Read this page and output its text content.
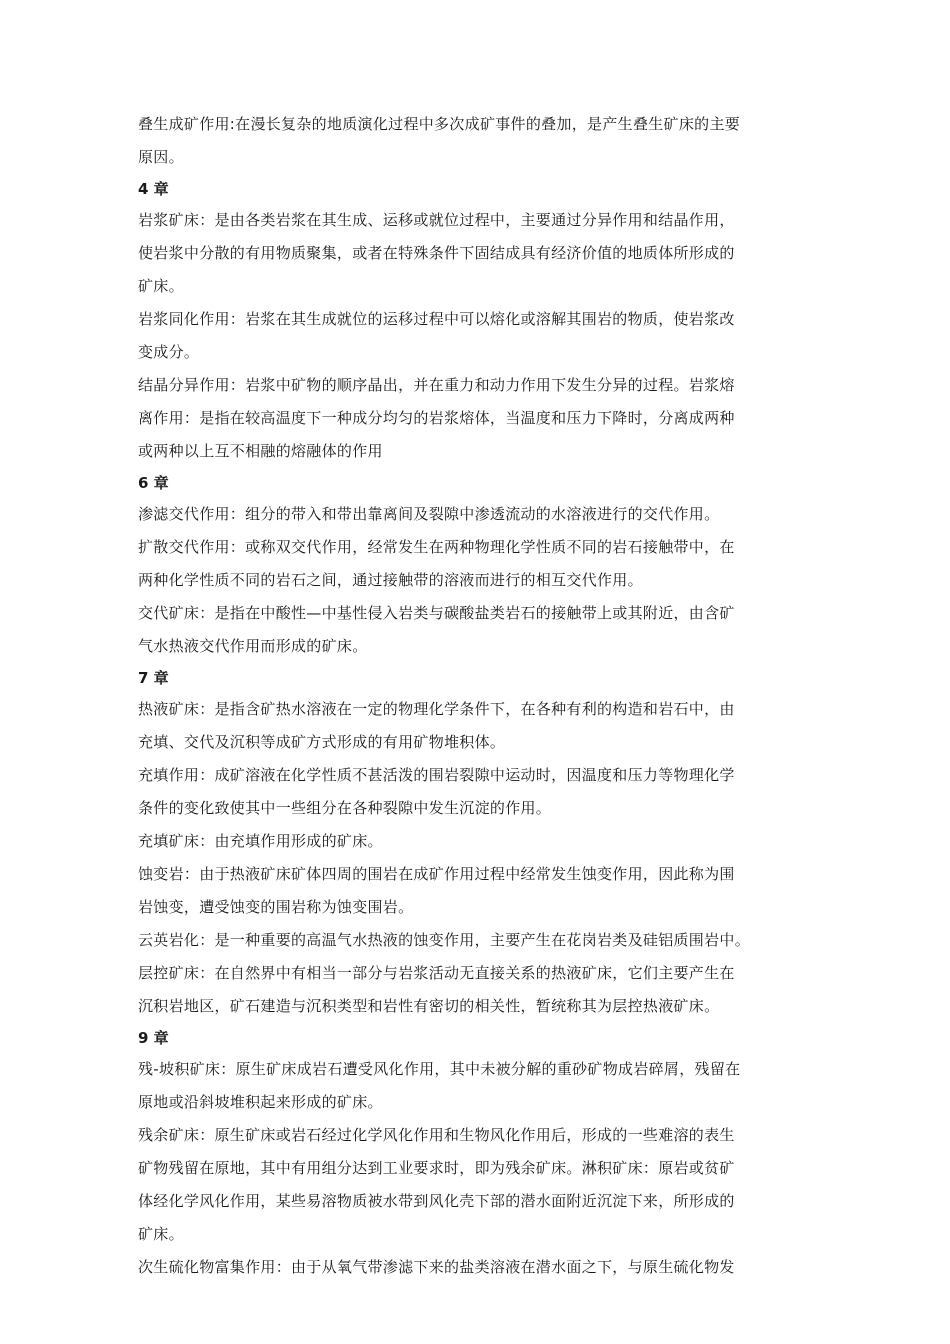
叠生成矿作用:在漫长复杂的地质演化过程中多次成矿事件的叠加，是产生叠生矿床的主要
原因。
4 章
岩浆矿床：是由各类岩浆在其生成、运移或就位过程中，主要通过分异作用和结晶作用，
使岩浆中分散的有用物质聚集，或者在特殊条件下固结成具有经济价值的地质体所形成的
矿床。
岩浆同化作用：岩浆在其生成就位的运移过程中可以熔化或溶解其围岩的物质，使岩浆改
变成分。
结晶分异作用：岩浆中矿物的顺序晶出，并在重力和动力作用下发生分异的过程。岩浆熔
离作用：是指在较高温度下一种成分均匀的岩浆熔体，当温度和压力下降时，分离成两种
或两种以上互不相融的熔融体的作用
6 章
渗滤交代作用：组分的带入和带出靠离间及裂隙中渗透流动的水溶液进行的交代作用。
扩散交代作用：或称双交代作用，经常发生在两种物理化学性质不同的岩石接触带中，在
两种化学性质不同的岩石之间，通过接触带的溶液而进行的相互交代作用。
交代矿床：是指在中酸性—中基性侵入岩类与碳酸盐类岩石的接触带上或其附近，由含矿
气水热液交代作用而形成的矿床。
7 章
热液矿床：是指含矿热水溶液在一定的物理化学条件下，在各种有利的构造和岩石中，由
充填、交代及沉积等成矿方式形成的有用矿物堆积体。
充填作用：成矿溶液在化学性质不甚活泼的围岩裂隙中运动时，因温度和压力等物理化学
条件的变化致使其中一些组分在各种裂隙中发生沉淀的作用。
充填矿床：由充填作用形成的矿床。
蚀变岩：由于热液矿床矿体四周的围岩在成矿作用过程中经常发生蚀变作用，因此称为围
岩蚀变，遭受蚀变的围岩称为蚀变围岩。
云英岩化：是一种重要的高温气水热液的蚀变作用，主要产生在花岗岩类及硅铝质围岩中。
层控矿床：在自然界中有相当一部分与岩浆活动无直接关系的热液矿床，它们主要产生在
沉积岩地区，矿石建造与沉积类型和岩性有密切的相关性，暂统称其为层控热液矿床。
9 章
残-坡积矿床：原生矿床成岩石遭受风化作用，其中未被分解的重砂矿物成岩碎屑，残留在
原地或沿斜坡堆积起来形成的矿床。
残余矿床：原生矿床或岩石经过化学风化作用和生物风化作用后，形成的一些难溶的表生
矿物残留在原地，其中有用组分达到工业要求时，即为残余矿床。淋积矿床：原岩或贫矿
体经化学风化作用，某些易溶物质被水带到风化壳下部的潜水面附近沉淀下来，所形成的
矿床。
次生硫化物富集作用：由于从氧气带渗滤下来的盐类溶液在潜水面之下，与原生硫化物发
